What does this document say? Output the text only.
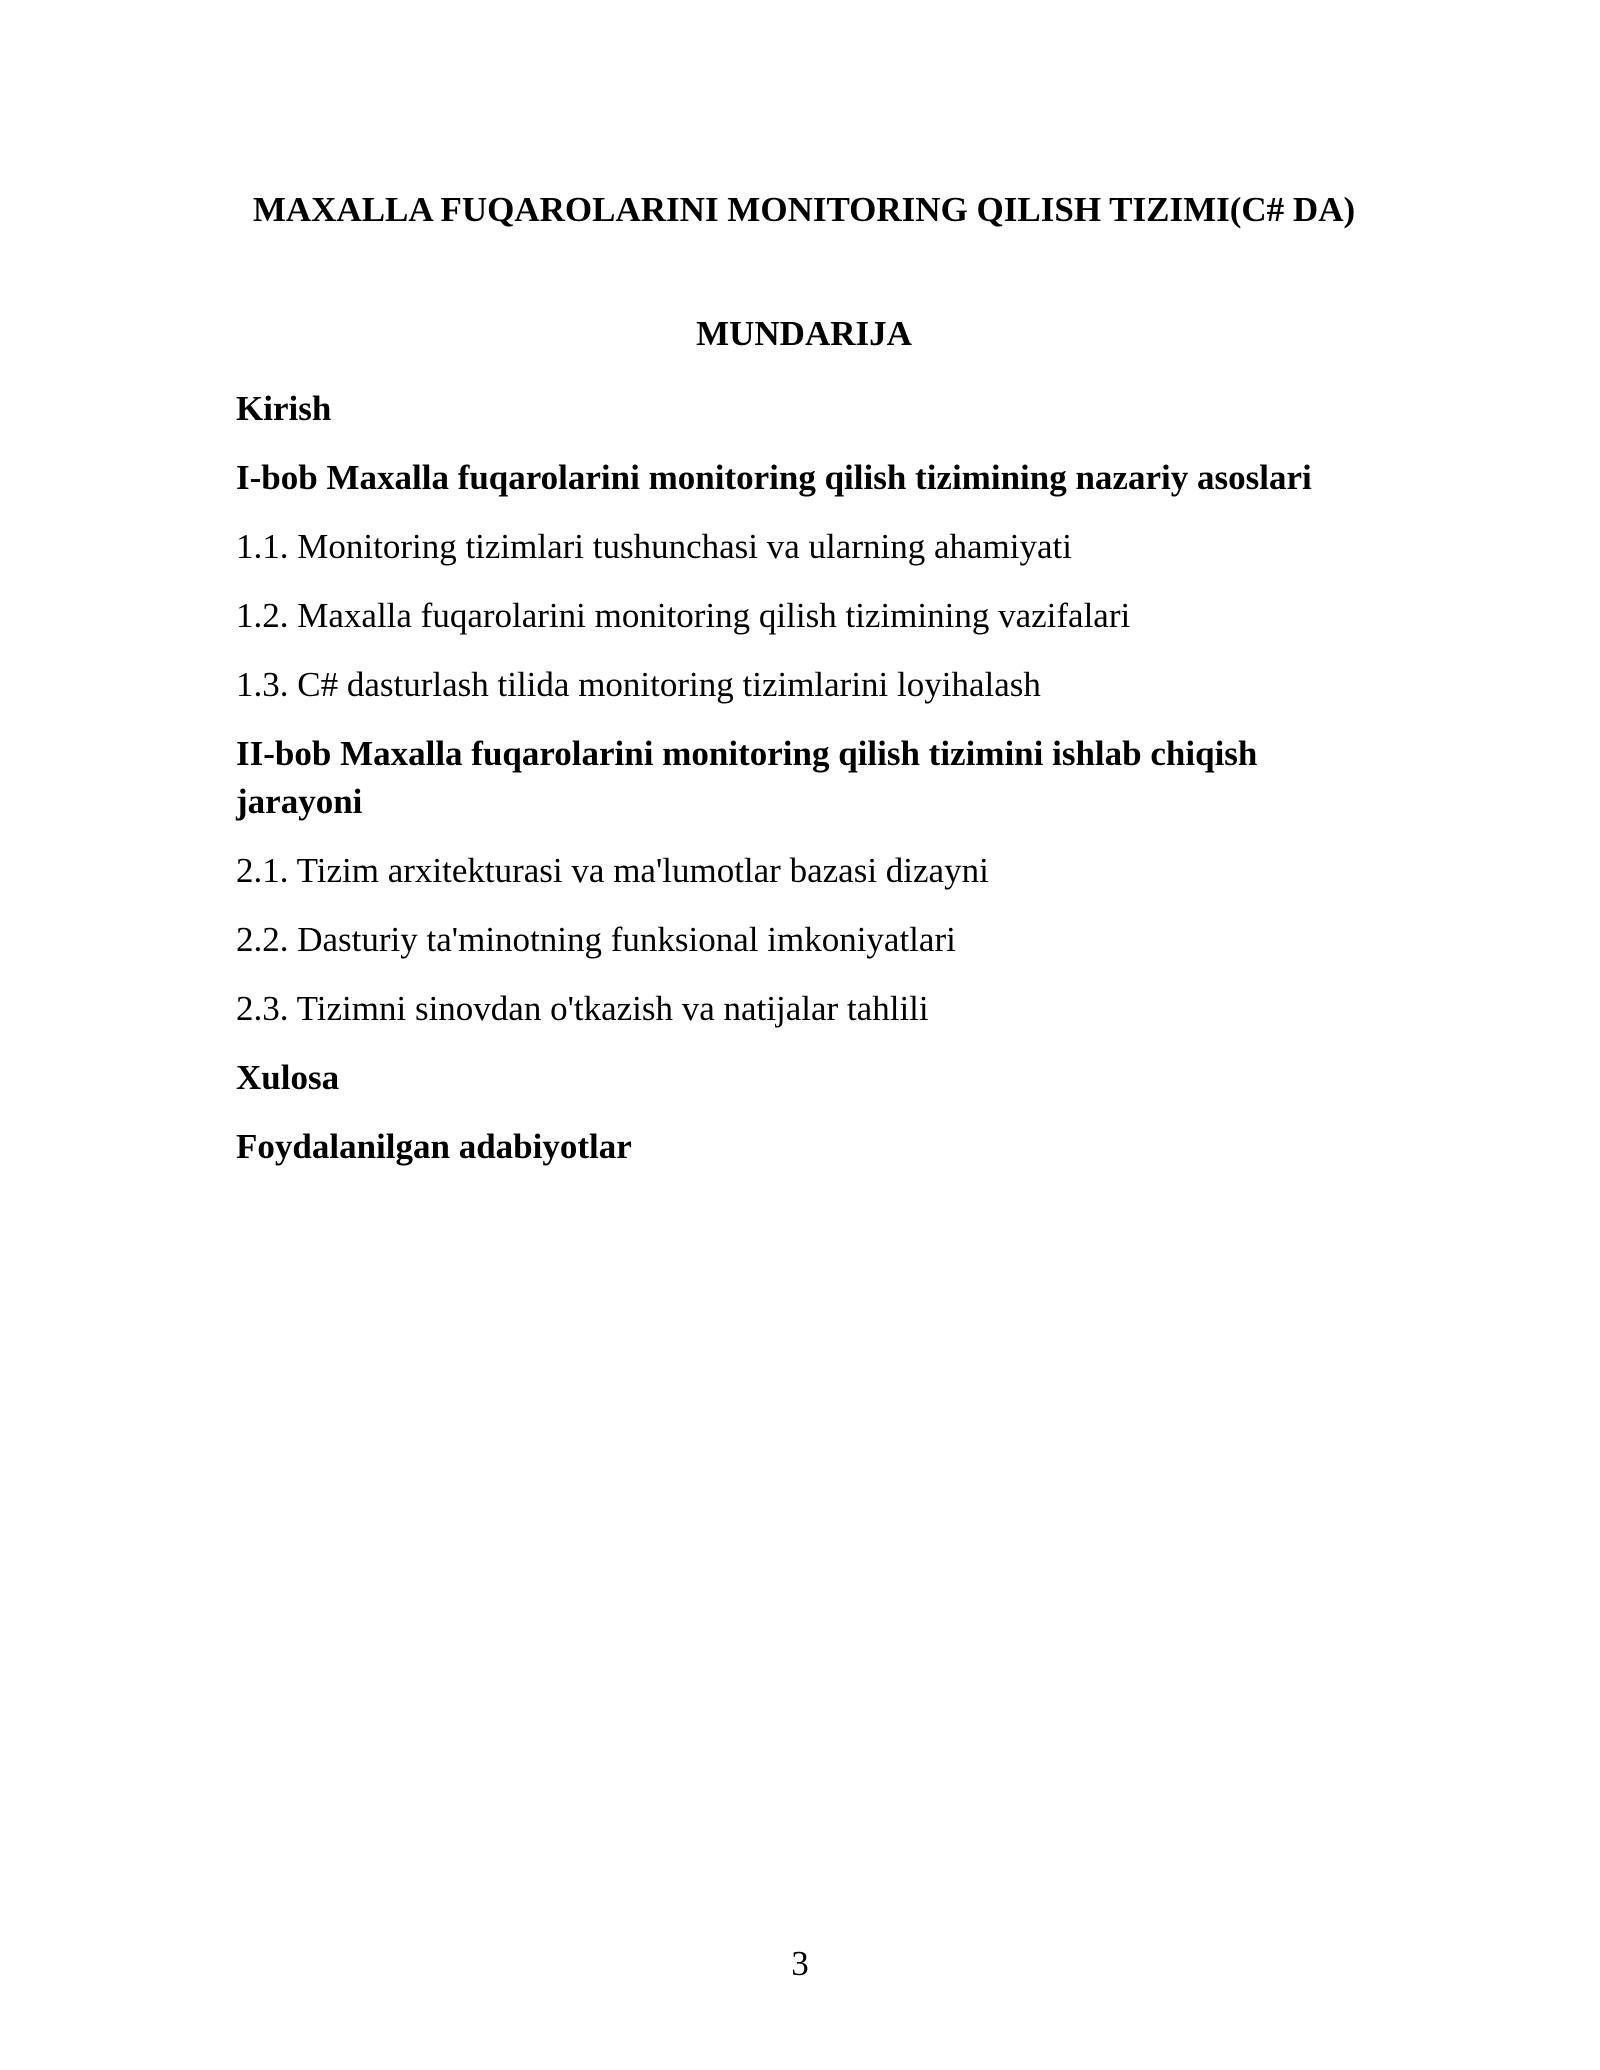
MAXALLA FUQAROLARINI MONITORING QILISH TIZIMI(C# DA)
MUNDARIJA
Kirish
I-bob Maxalla fuqarolarini monitoring qilish tizimining nazariy asoslari
1.1. Monitoring tizimlari tushunchasi va ularning ahamiyati
1.2. Maxalla fuqarolarini monitoring qilish tizimining vazifalari
1.3. C# dasturlash tilida monitoring tizimlarini loyihalash
II-bob Maxalla fuqarolarini monitoring qilish tizimini ishlab chiqish jarayoni
2.1. Tizim arxitekturasi va ma'lumotlar bazasi dizayni
2.2. Dasturiy ta'minotning funksional imkoniyatlari
2.3. Tizimni sinovdan o'tkazish va natijalar tahlili
Xulosa
Foydalanilgan adabiyotlar
3
